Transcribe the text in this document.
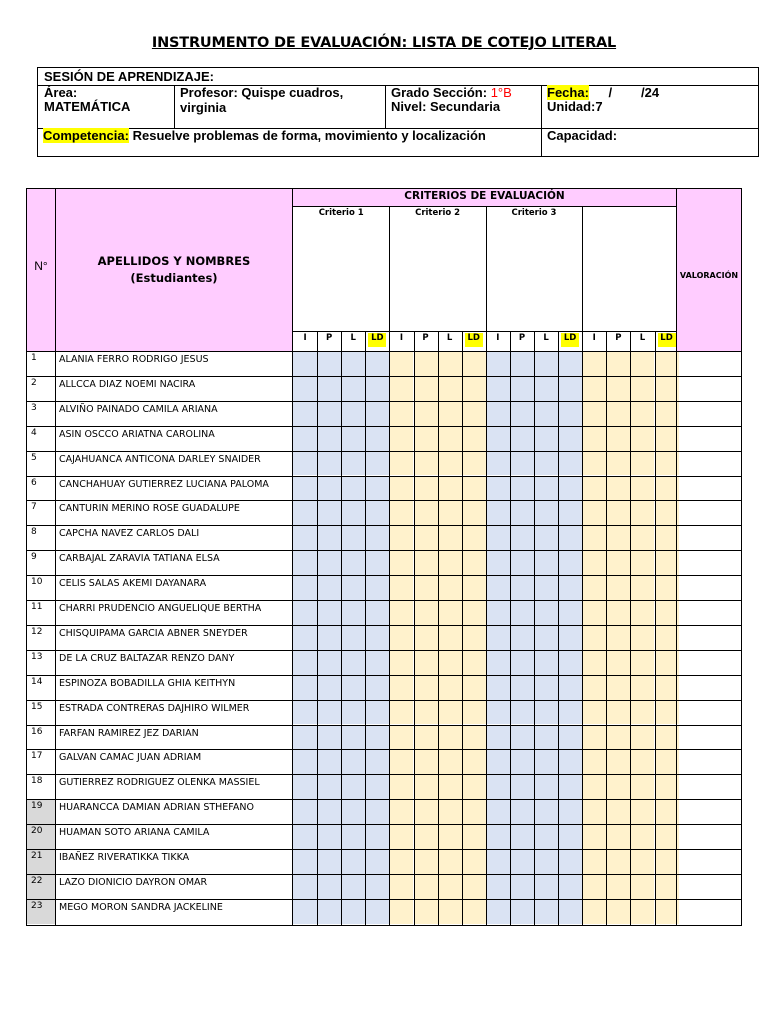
INSTRUMENTO DE EVALUACIÓN: LISTA DE COTEJO LITERAL
SESIÓN DE APRENDIZAJE:
Área:
MATEMÁTICA
Profesor: Quispe cuadros,
virginia
Grado Sección: 1°B
Nivel: Secundaria
Fecha: /        /24
Unidad:7
Competencia: Resuelve problemas de forma, movimiento y localización	Capacidad:
N°	APELLIDOS Y NOMBRES
(Estudiantes)
CRITERIOS DE EVALUACIÓN
VALORACIÓN
Criterio 1	Criterio 2	Criterio 3
I	P	L	LD	I	P	L	LD	I	P	L	LD	I	P	L	LD
1 ALANIA FERRO RODRIGO JESUS
2 ALLCCA DIAZ NOEMI NACIRA
3 ALVIÑO PAINADO CAMILA ARIANA
4 ASIN OSCCO ARIATNA CAROLINA
5 CAJAHUANCA ANTICONA DARLEY SNAIDER
6 CANCHAHUAY GUTIERREZ LUCIANA PALOMA
7 CANTURIN MERINO ROSE GUADALUPE
8 CAPCHA NAVEZ CARLOS DALI
9 CARBAJAL ZARAVIA TATIANA ELSA
10 CELIS SALAS AKEMI DAYANARA
11 CHARRI PRUDENCIO ANGUELIQUE BERTHA
12 CHISQUIPAMA GARCIA ABNER SNEYDER
13 DE LA CRUZ BALTAZAR RENZO DANY
14 ESPINOZA BOBADILLA GHIA KEITHYN
15 ESTRADA CONTRERAS DAJHIRO WILMER
16 FARFAN RAMIREZ JEZ DARIAN
17 GALVAN CAMAC JUAN ADRIAM
18 GUTIERREZ RODRIGUEZ OLENKA MASSIEL
19 HUARANCCA DAMIAN ADRIAN STHEFANO
20 HUAMAN SOTO ARIANA CAMILA
21 IBAÑEZ RIVERATIKKA TIKKA
22 LAZO DIONICIO DAYRON OMAR
23 MEGO MORON SANDRA JACKELINE
